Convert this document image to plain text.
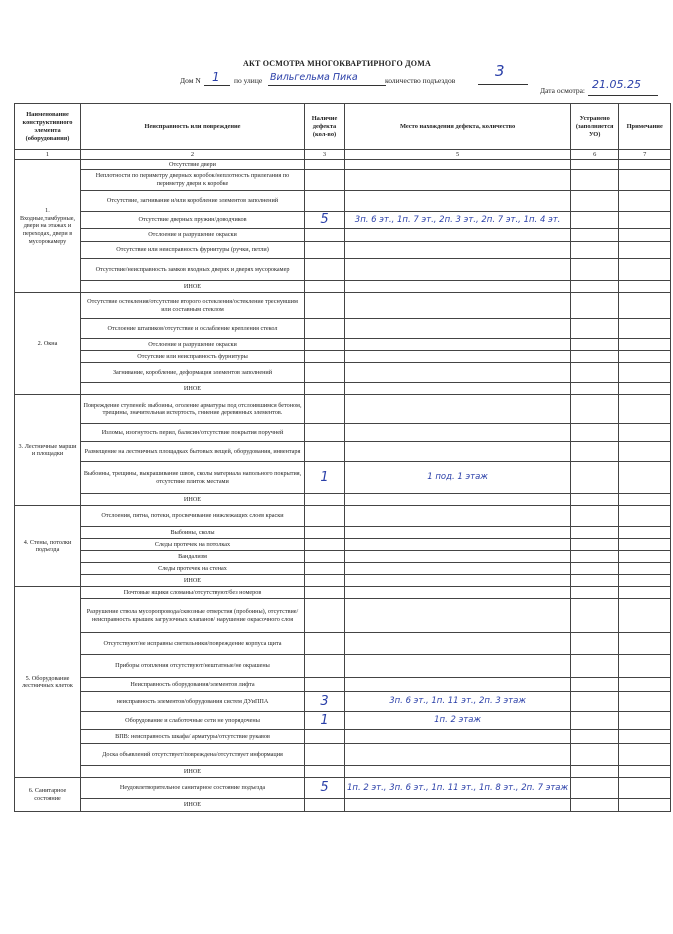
АКТ ОСМОТРА МНОГОКВАРТИРНОГО ДОМА
Дом N 1 по улице Вильгельма Пика	количество подъездов
3
Дата осмотра: 21.05.25
Наименование конструктивного элемента (оборудования)	Неисправность или повреждение	Наличие дефекта (кол-во)	Место нахождения дефекта, количество	Устранено (заполняется УО)	Примечание
1	2	3	5	6	7
1. Входные,тамбурные, двери на этажах и переходах, двери в мусорокамеру	Отсутствие двери				
	Неплотности по периметру дверных коробок/неплотность прилегания по периметру двери к коробке				
	Отсутствие, загнивание и/или коробление элементов заполнений				
	Отсутствие дверных пружин/доводчиков	5	3п. 6 эт., 1п. 7 эт., 2п. 3 эт., 2п. 7 эт., 1п. 4 эт.		
	Отслоение и разрушение окраски				
	Отсутствие или неисправность фурнитуры (ручки, петли)				
	Отсутствие/неисправность замков входных дверях и дверях мусорокамер				
	ИНОЕ				
2. Окна	Отсутствие остекления/отсутствие второго остекления/остекление треснувшим или составным стеклом				
	Отслоение штапиков/отсутствие и ослабление крепления стекол				
	Отслоение и разрушение окраски				
	Отсутсвие или неисправность фурнитуры				
	Загнивание, коробление, деформация элементов заполнений				
	ИНОЕ				
3. Лестничные марши и площадки	Повреждение ступеней: выбоины, оголение арматуры под отслоившимся бетоном, трещины, значительная истертость, гниение деревянных элементов.				
	Изломы, изогнутость перил, балясин/отсутствие покрытия поручней				
	Размещение на лестничных площадках бытовых вещей, оборудования, инвентаря				
	Выбоины, трещины, выкрашивание швов, сколы материала напольного покрытия, отсутствие плиток местами	1	1 под. 1 этаж		
	ИНОЕ				
4. Стены, потолки подъезда	Отслоения, пятна, потеки, просвечивание нижлежащих слоев краски				
	Выбоины, сколы				
	Следы протечек на потолках				
	Вандализм				
	Следы протечек на стенах				
	ИНОЕ				
5. Оборудование лестничных клеток	Почтовые ящики сломаны/отсутствуют/без номеров				
	Разрушение ствола мусоропровода/сквозные отверстия (пробоины), отсутствие/неисправность крышек загрузочных клапанов/ нарушение окрасочного слоя				
	Отсутствуют/не исправны светильники/повреждение корпуса щита				
	Приборы отопления отсутствуют/нештатные/не окрашены				
	Неисправность оборудования/элементов лифта				
	неисправность элементов/оборудования систем ДУиППА	3	3п. 6 эт., 1п. 11 эт., 2п. 3 этаж		
	Оборудование и слаботочные сети не упорядочены	1	1п. 2 этаж		
	ВПВ: неисправность шкафа/ арматуры/отсутствие рукавов				
	Доска объявлений отсутствует/повреждена/отсутствует информация				
	ИНОЕ				
6. Санитарное состояние	Неудовлетворительное санитарное состояние подъезда	5	1п. 2 эт., 3п. 6 эт., 1п. 11 эт., 1п. 8 эт., 2п. 7 этаж		
	ИНОЕ				
